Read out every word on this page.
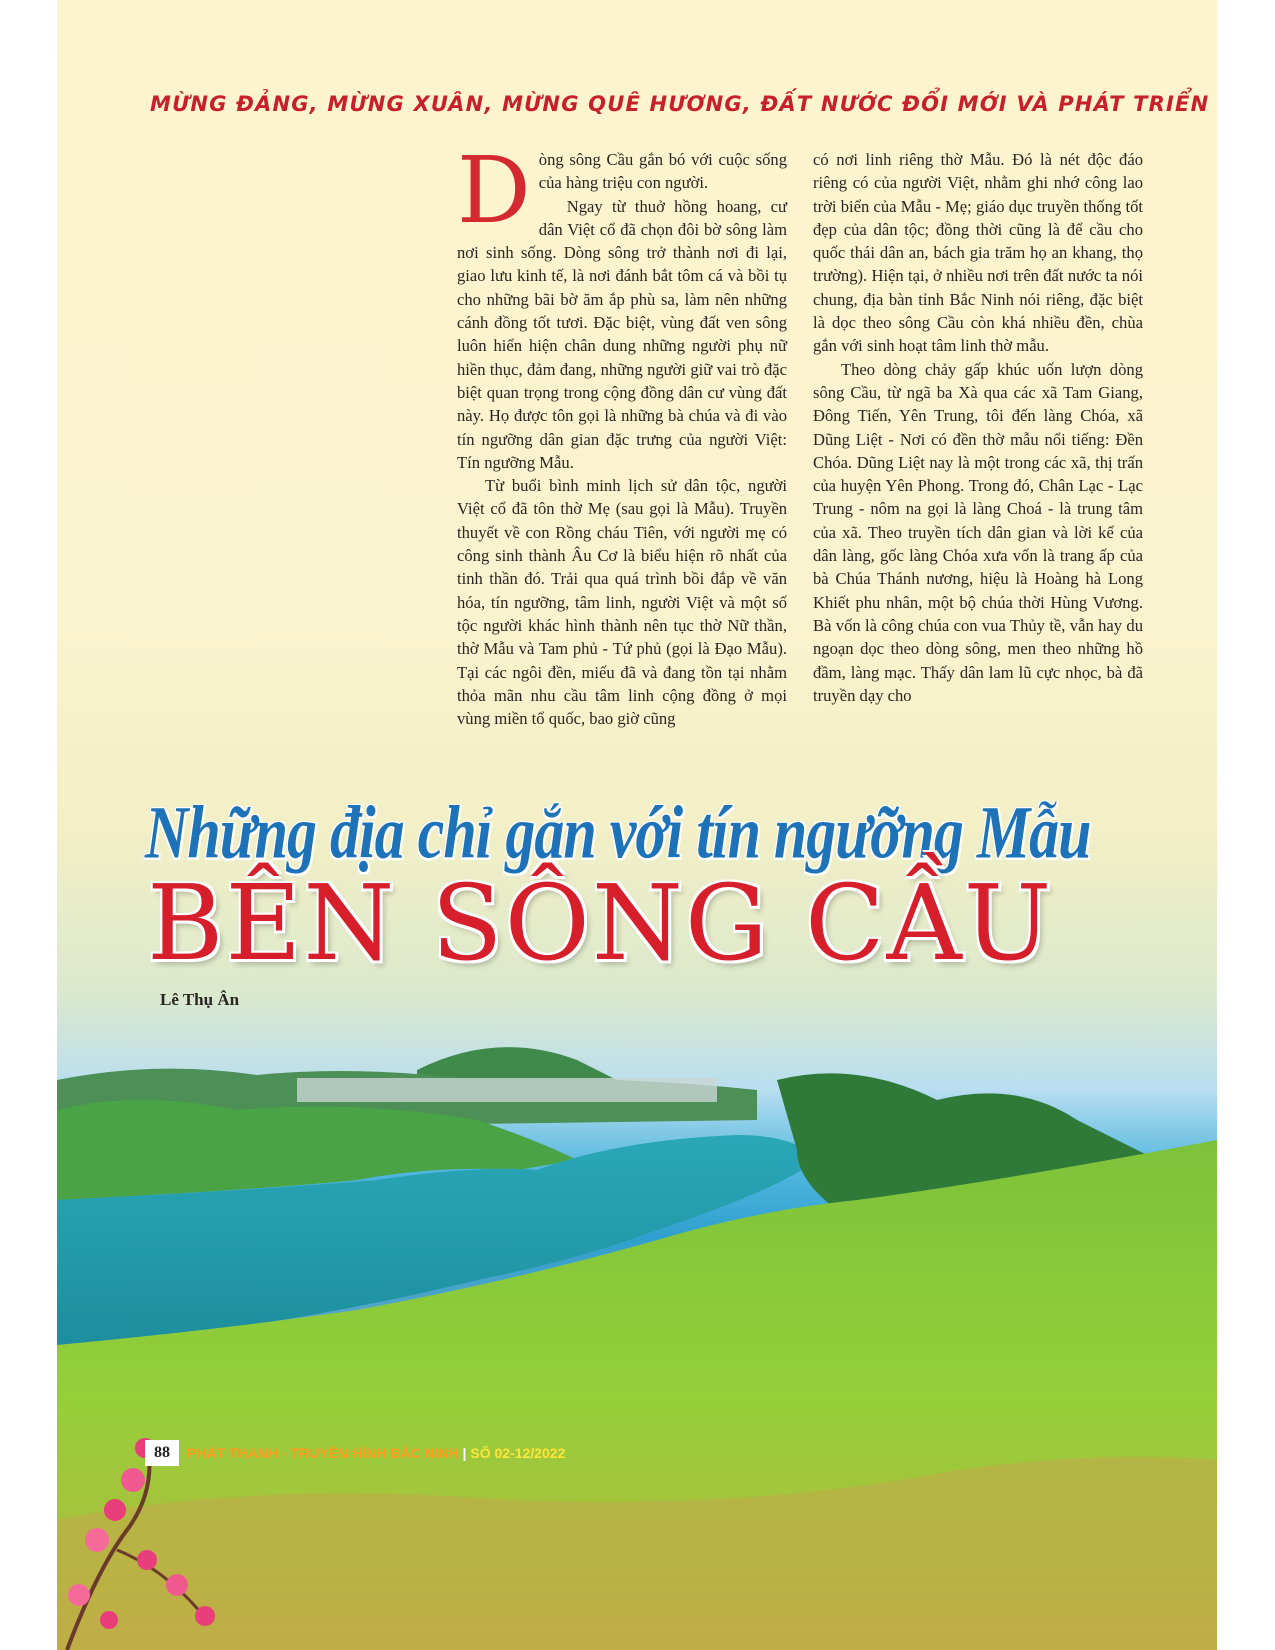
MỪNG ĐẢNG, MỪNG XUÂN, MỪNG QUÊ HƯƠNG, ĐẤT NƯỚC ĐỔI MỚI VÀ PHÁT TRIỂN
D òng sông Cầu gắn bó với cuộc sống của hàng triệu con người.

Ngay từ thuở hồng hoang, cư dân Việt cổ đã chọn đôi bờ sông làm nơi sinh sống. Dòng sông trở thành nơi đi lại, giao lưu kinh tế, là nơi đánh bắt tôm cá và bồi tụ cho những bãi bờ ăm ắp phù sa, làm nên những cánh đồng tốt tươi. Đặc biệt, vùng đất ven sông luôn hiển hiện chân dung những người phụ nữ hiền thục, đảm đang, những người giữ vai trò đặc biệt quan trọng trong cộng đồng dân cư vùng đất này. Họ được tôn gọi là những bà chúa và đi vào tín ngưỡng dân gian đặc trưng của người Việt: Tín ngưỡng Mẫu.

Từ buổi bình minh lịch sử dân tộc, người Việt cổ đã tôn thờ Mẹ (sau gọi là Mẫu). Truyền thuyết về con Rồng cháu Tiên, với người mẹ có công sinh thành Âu Cơ là biểu hiện rõ nhất của tinh thần đó. Trải qua quá trình bồi đắp về văn hóa, tín ngưỡng, tâm linh, người Việt và một số tộc người khác hình thành nên tục thờ Nữ thần, thờ Mẫu và Tam phủ - Tứ phủ (gọi là Đạo Mẫu). Tại các ngôi đền, miếu đã và đang tồn tại nhằm thỏa mãn nhu cầu tâm linh cộng đồng ở mọi vùng miền tổ quốc, bao giờ cũng

có nơi linh riêng thờ Mẫu. Đó là nét độc đáo riêng có của người Việt, nhằm ghi nhớ công lao trời biển của Mẫu - Mẹ; giáo dục truyền thống tốt đẹp của dân tộc; đồng thời cũng là để cầu cho quốc thái dân an, bách gia trăm họ an khang, thọ trường). Hiện tại, ở nhiều nơi trên đất nước ta nói chung, địa bàn tỉnh Bắc Ninh nói riêng, đặc biệt là dọc theo sông Cầu còn khá nhiều đền, chùa gắn với sinh hoạt tâm linh thờ mẫu.

Theo dòng chảy gấp khúc uốn lượn dòng sông Cầu, từ ngã ba Xà qua các xã Tam Giang, Đông Tiến, Yên Trung, tôi đến làng Chóa, xã Dũng Liệt - Nơi có đền thờ mẫu nổi tiếng: Đền Chóa. Dũng Liệt nay là một trong các xã, thị trấn của huyện Yên Phong. Trong đó, Chân Lạc - Lạc Trung - nôm na gọi là làng Choá - là trung tâm của xã. Theo truyền tích dân gian và lời kể của dân làng, gốc làng Chóa xưa vốn là trang ấp của bà Chúa Thánh nương, hiệu là Hoàng hà Long Khiết phu nhân, một bộ chúa thời Hùng Vương. Bà vốn là công chúa con vua Thủy tề, vẫn hay du ngoạn dọc theo dòng sông, men theo những hồ đầm, làng mạc. Thấy dân lam lũ cực nhọc, bà đã truyền dạy cho

Những địa chỉ gắn với tín ngưỡng Mẫu
BÊN SÔNG CẦU
Lê Thụ Ân
88	PHÁT THANH - TRUYỀN HÌNH BẮC NINH | SỐ 02-12/2022
